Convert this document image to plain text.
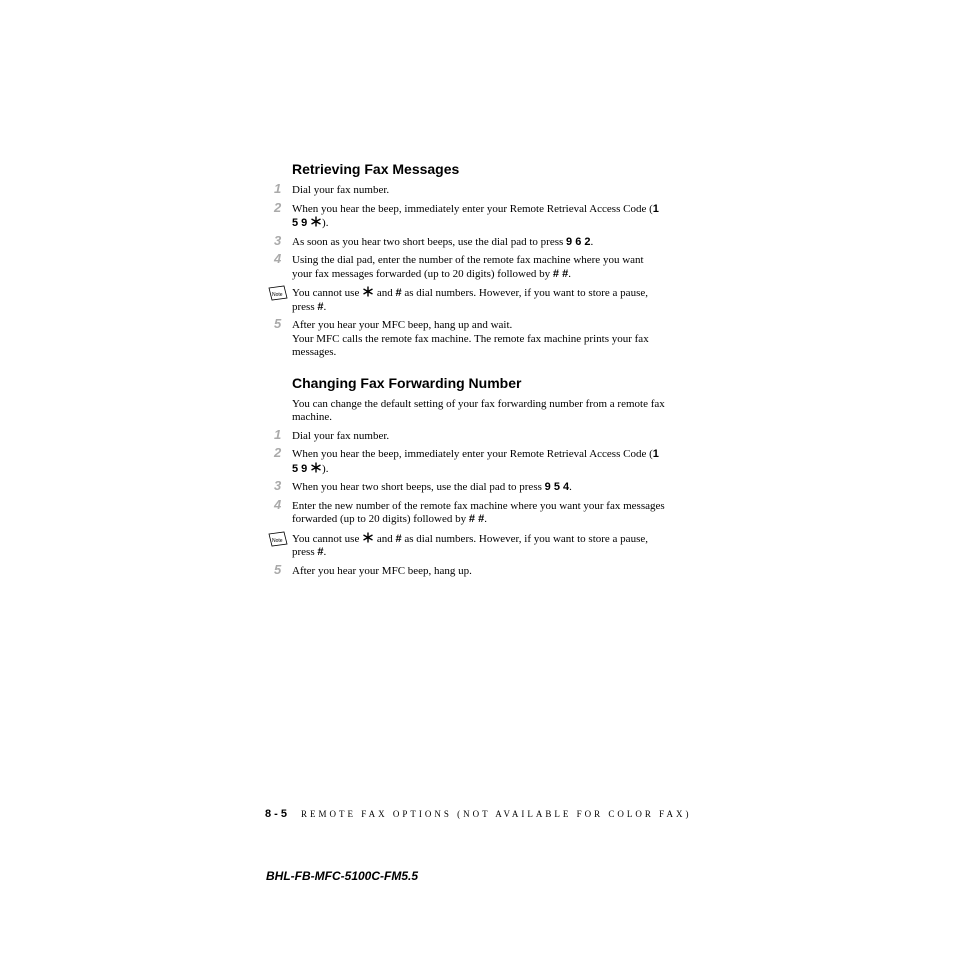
Retrieving Fax Messages
1 Dial your fax number.
2 When you hear the beep, immediately enter your Remote Retrieval Access Code (1 5 9 ).
3 As soon as you hear two short beeps, use the dial pad to press 9 6 2.
4 Using the dial pad, enter the number of the remote fax machine where you want your fax messages forwarded (up to 20 digits) followed by # #.
Note You cannot use  and # as dial numbers. However, if you want to store a pause, press #.
5 After you hear your MFC beep, hang up and wait.
Your MFC calls the remote fax machine. The remote fax machine prints your fax messages.
Changing Fax Forwarding Number
You can change the default setting of your fax forwarding number from a remote fax machine.
1 Dial your fax number.
2 When you hear the beep, immediately enter your Remote Retrieval Access Code (1 5 9 ).
3 When you hear two short beeps, use the dial pad to press 9 5 4.
4 Enter the new number of the remote fax machine where you want your fax messages forwarded (up to 20 digits) followed by # #.
Note You cannot use  and # as dial numbers. However, if you want to store a pause, press #.
5 After you hear your MFC beep, hang up.
8 - 5 REMOTE FAX OPTIONS (NOT AVAILABLE FOR COLOR FAX)
BHL-FB-MFC-5100C-FM5.5
